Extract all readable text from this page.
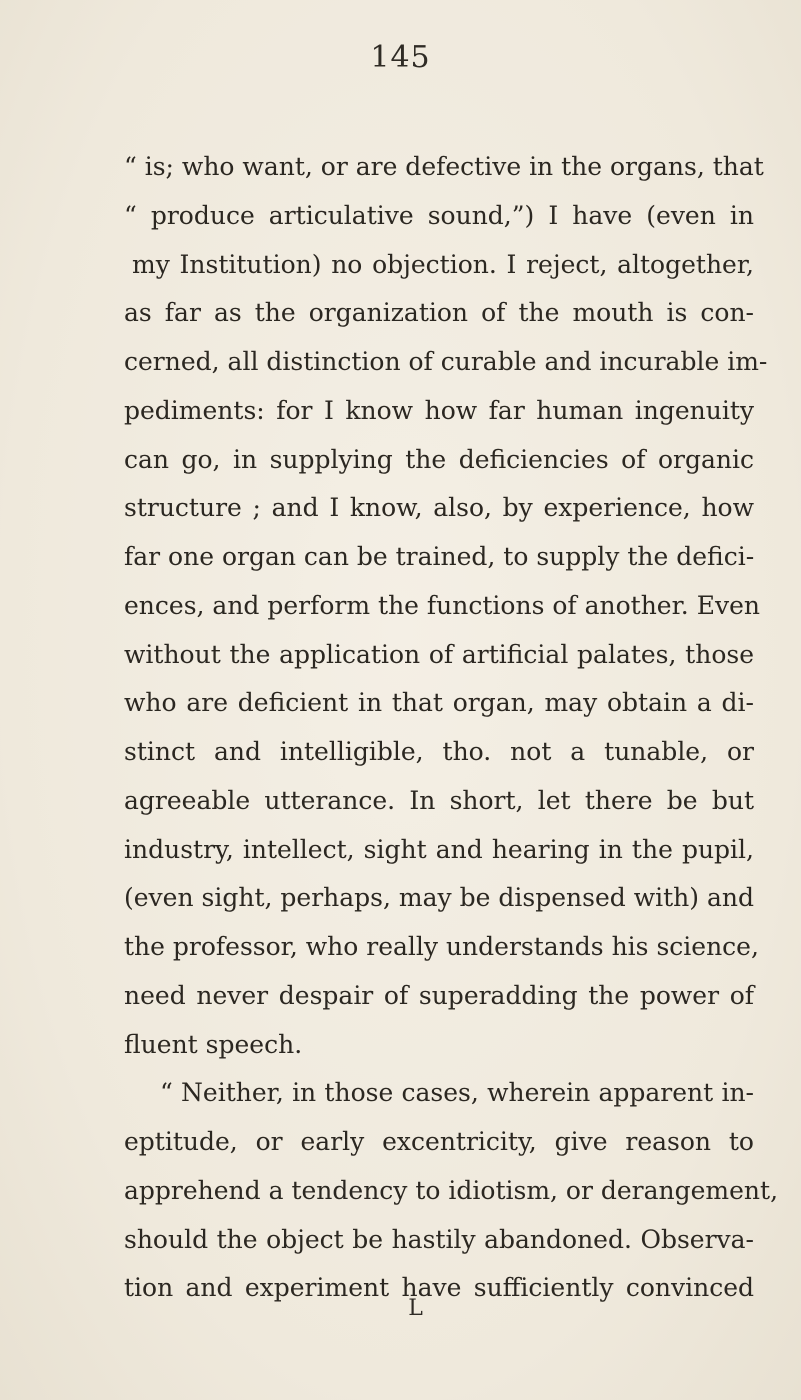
145
“ is; who want, or are defective in the organs, that
“ produce articulative sound,”) I have (even in
my Institution) no objection. I reject, altogether,
as far as the organization of the mouth is con-
cerned, all distinction of curable and incurable im-
pediments: for I know how far human ingenuity
can go, in supplying the deficiencies of organic
structure ; and I know, also, by experience, how
far one organ can be trained, to supply the defici-
ences, and perform the functions of another. Even
without the application of artificial palates, those
who are deficient in that organ, may obtain a di-
stinct and intelligible, tho. not a tunable, or
agreeable utterance. In short, let there be but
industry, intellect, sight and hearing in the pupil,
(even sight, perhaps, may be dispensed with) and
the professor, who really understands his science,
need never despair of superadding the power of
fluent speech.
“ Neither, in those cases, wherein apparent in-
eptitude, or early excentricity, give reason to
apprehend a tendency to idiotism, or derangement,
should the object be hastily abandoned. Observa-
tion and experiment have sufficiently convinced
L
